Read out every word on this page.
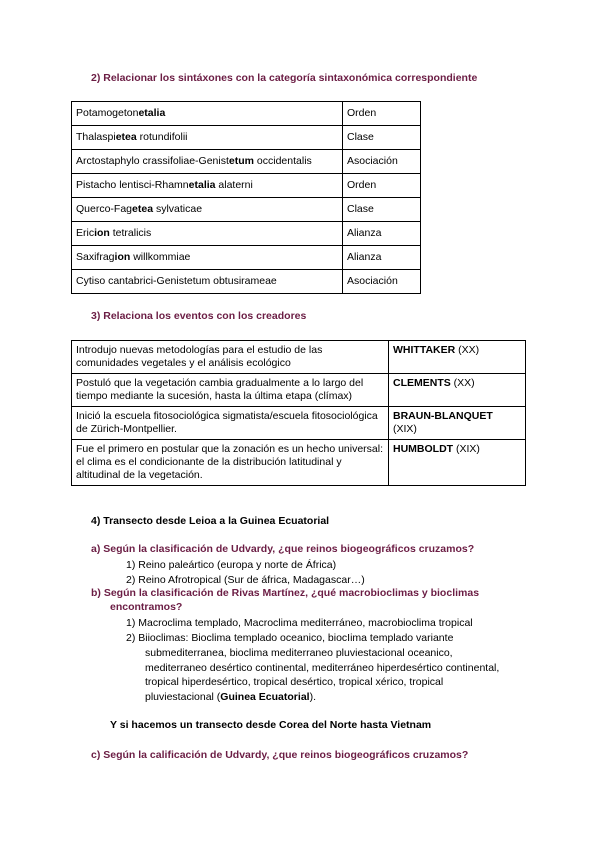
2) Relacionar los sintáxones con la categoría sintaxonómica correspondiente
Potamogetonetalia	Orden
Thalaspietea rotundifolii	Clase
Arctostaphylo crassifoliae-Genistetum occidentalis	Asociación
Pistacho lentisci-Rhamnetalia alaterni	Orden
Querco-Fagetea sylvaticae	Clase
Ericion tetralicis	Alianza
Saxifragion willkommiae	Alianza
Cytiso cantabrici-Genistetum obtusirameae	Asociación
3) Relaciona los eventos con los creadores
Introdujo nuevas metodologías para el estudio de las comunidades vegetales y el análisis ecológico	WHITTAKER (XX)
Postuló que la vegetación cambia gradualmente a lo largo del tiempo mediante la sucesión, hasta la última etapa (clímax)	CLEMENTS (XX)
Inició la escuela fitosociológica sigmatista/escuela fitosociológica de Zürich-Montpellier.	BRAUN-BLANQUET
(XIX)

Fue el primero en postular que la zonación es un hecho universal: el clima es el condicionante de la distribución latitudinal y altitudinal de la vegetación.	HUMBOLDT (XIX)
4) Transecto desde Leioa a la Guinea Ecuatorial
a) Según la clasificación de Udvardy, ¿que reinos biogeográficos cruzamos?
1) Reino paleártico (europa y norte de África)
2) Reino Afrotropical (Sur de áfrica, Madagascar…)
b) Según la clasificación de Rivas Martínez, ¿qué macrobioclimas y bioclimas
encontramos?
1) Macroclima templado, Macroclima mediterráneo, macrobioclima tropical
2) Biioclimas: Bioclima templado oceanico, biocIima templado variante
submediterranea, bioclima mediterraneo pluviestacional oceanico,
mediterraneo desértico continental, mediterráneo hiperdesértico continental,
tropical hiperdesértico, tropical desértico, tropical xérico, tropical
pluviestacional (Guinea Ecuatorial).
Y si hacemos un transecto desde Corea del Norte hasta Vietnam
c) Según la calificación de Udvardy, ¿que reinos biogeográficos cruzamos?
